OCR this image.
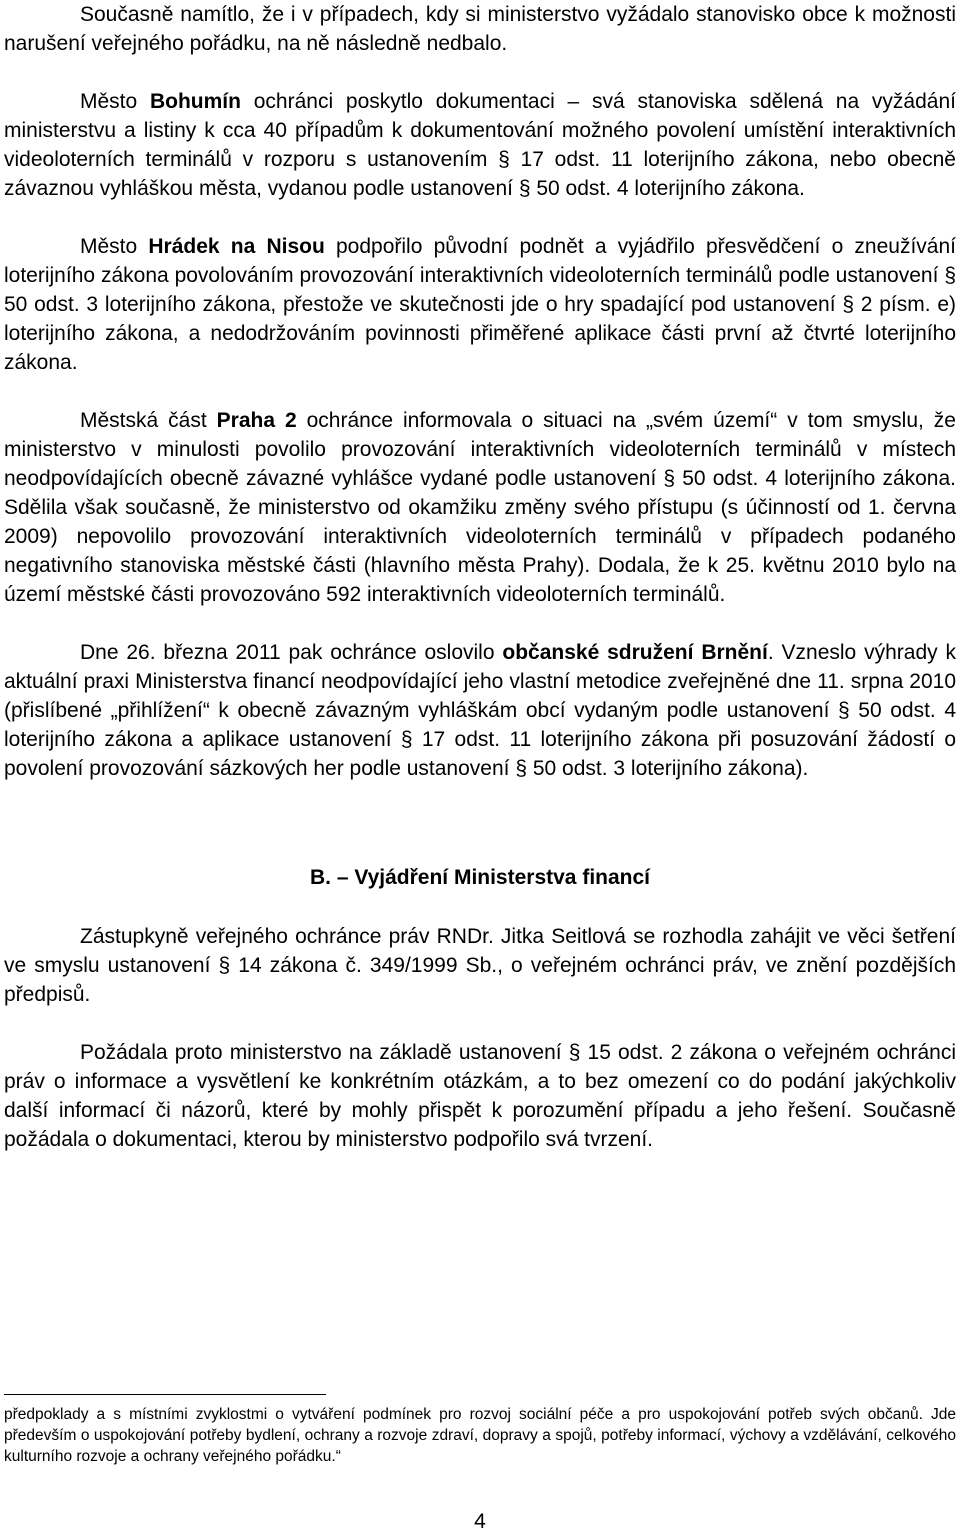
Současně namítlo, že i v případech, kdy si ministerstvo vyžádalo stanovisko obce k možnosti narušení veřejného pořádku, na ně následně nedbalo.

Město Bohumín ochránci poskytlo dokumentaci – svá stanoviska sdělená na vyžádání ministerstvu a listiny k cca 40 případům k dokumentování možného povolení umístění interaktivních videoloterních terminálů v rozporu s ustanovením § 17 odst. 11 loterijního zákona, nebo obecně závaznou vyhláškou města, vydanou podle ustanovení § 50 odst. 4 loterijního zákona.

Město Hrádek na Nisou podpořilo původní podnět a vyjádřilo přesvědčení o zneužívání loterijního zákona povolováním provozování interaktivních videoloterních terminálů podle ustanovení § 50 odst. 3 loterijního zákona, přestože ve skutečnosti jde o hry spadající pod ustanovení § 2 písm. e) loterijního zákona, a nedodržováním povinnosti přiměřené aplikace části první až čtvrté loterijního zákona.

Městská část Praha 2 ochránce informovala o situaci na „svém území“ v tom smyslu, že ministerstvo v minulosti povolilo provozování interaktivních videoloterních terminálů v místech neodpovídajících obecně závazné vyhlášce vydané podle ustanovení § 50 odst. 4 loterijního zákona. Sdělila však současně, že ministerstvo od okamžiku změny svého přístupu (s účinností od 1. června 2009) nepovolilo provozování interaktivních videoloterních terminálů v případech podaného negativního stanoviska městské části (hlavního města Prahy). Dodala, že k 25. květnu 2010 bylo na území městské části provozováno 592 interaktivních videoloterních terminálů.

Dne 26. března 2011 pak ochránce oslovilo občanské sdružení Brnění. Vzneslo výhrady k aktuální praxi Ministerstva financí neodpovídající jeho vlastní metodice zveřejněné dne 11. srpna 2010 (přislíbené „přihlížení“ k obecně závazným vyhláškám obcí vydaným podle ustanovení § 50 odst. 4 loterijního zákona a aplikace ustanovení § 17 odst. 11 loterijního zákona při posuzování žádostí o povolení provozování sázkových her podle ustanovení § 50 odst. 3 loterijního zákona).

B. – Vyjádření Ministerstva financí

Zástupkyně veřejného ochránce práv RNDr. Jitka Seitlová se rozhodla zahájit ve věci šetření ve smyslu ustanovení § 14 zákona č. 349/1999 Sb., o veřejném ochránci práv, ve znění pozdějších předpisů.

Požádala proto ministerstvo na základě ustanovení § 15 odst. 2 zákona o veřejném ochránci práv o informace a vysvětlení ke konkrétním otázkám, a to bez omezení co do podání jakýchkoliv další informací či názorů, které by mohly přispět k porozumění případu a jeho řešení. Současně požádala o dokumentaci, kterou by ministerstvo podpořilo svá tvrzení.

předpoklady a s místními zvyklostmi o vytváření podmínek pro rozvoj sociální péče a pro uspokojování potřeb svých občanů. Jde především o uspokojování potřeby bydlení, ochrany a rozvoje zdraví, dopravy a spojů, potřeby informací, výchovy a vzdělávání, celkového kulturního rozvoje a ochrany veřejného pořádku.“

4
